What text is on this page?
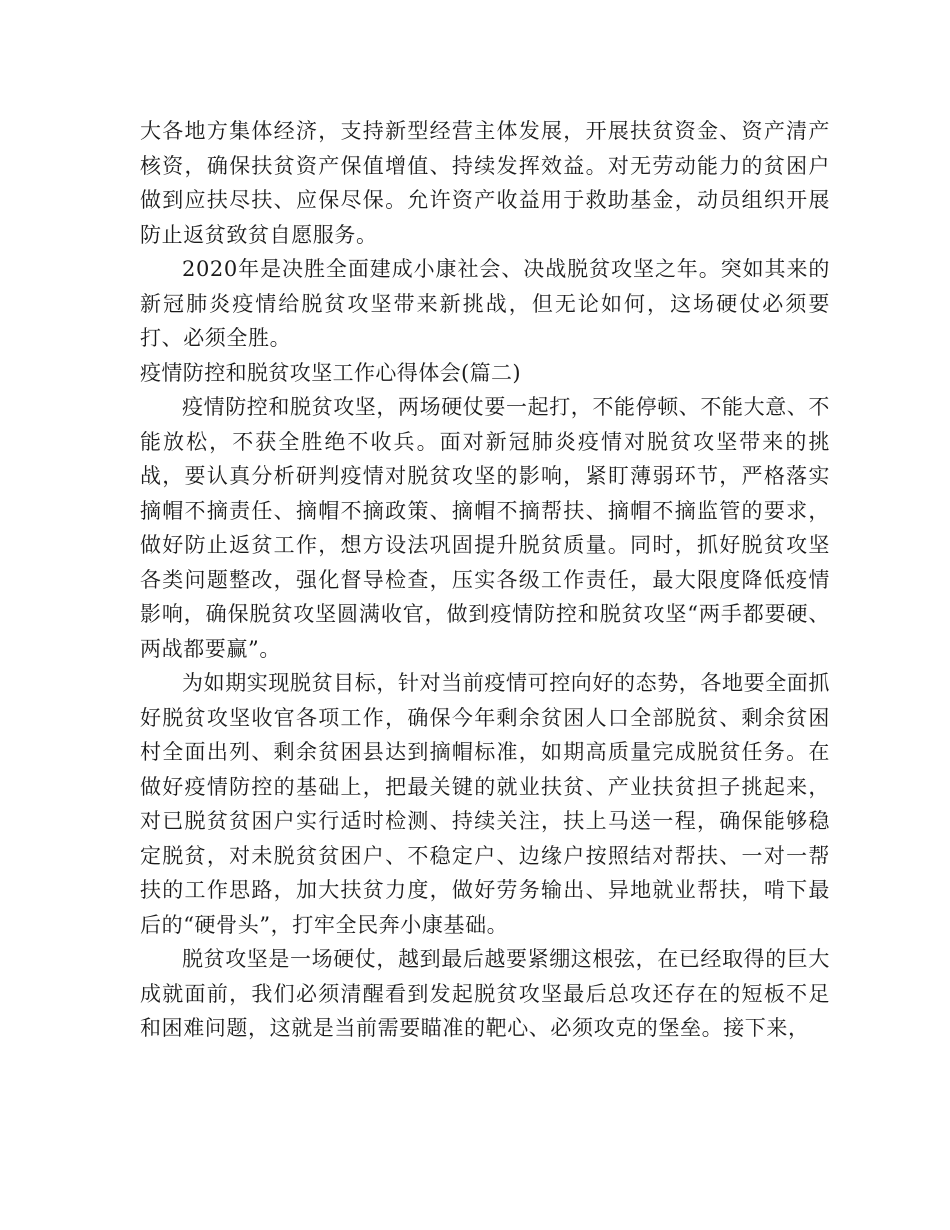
大各地方集体经济，支持新型经营主体发展，开展扶贫资金、资产清产核资，确保扶贫资产保值增值、持续发挥效益。对无劳动能力的贫困户做到应扶尽扶、应保尽保。允许资产收益用于救助基金，动员组织开展防止返贫致贫自愿服务。

2020年是决胜全面建成小康社会、决战脱贫攻坚之年。突如其来的新冠肺炎疫情给脱贫攻坚带来新挑战，但无论如何，这场硬仗必须要打、必须全胜。

疫情防控和脱贫攻坚工作心得体会(篇二)

疫情防控和脱贫攻坚，两场硬仗要一起打，不能停顿、不能大意、不能放松，不获全胜绝不收兵。面对新冠肺炎疫情对脱贫攻坚带来的挑战，要认真分析研判疫情对脱贫攻坚的影响，紧盯薄弱环节，严格落实摘帽不摘责任、摘帽不摘政策、摘帽不摘帮扶、摘帽不摘监管的要求，做好防止返贫工作，想方设法巩固提升脱贫质量。同时，抓好脱贫攻坚各类问题整改，强化督导检查，压实各级工作责任，最大限度降低疫情影响，确保脱贫攻坚圆满收官，做到疫情防控和脱贫攻坚“两手都要硬、两战都要赢”。

为如期实现脱贫目标，针对当前疫情可控向好的态势，各地要全面抓好脱贫攻坚收官各项工作，确保今年剩余贫困人口全部脱贫、剩余贫困村全面出列、剩余贫困县达到摘帽标准，如期高质量完成脱贫任务。在做好疫情防控的基础上，把最关键的就业扶贫、产业扶贫担子挑起来，对已脱贫贫困户实行适时检测、持续关注，扶上马送一程，确保能够稳定脱贫，对未脱贫贫困户、不稳定户、边缘户按照结对帮扶、一对一帮扶的工作思路，加大扶贫力度，做好劳务输出、异地就业帮扶，啃下最后的“硬骨头”，打牢全民奔小康基础。

脱贫攻坚是一场硬仗，越到最后越要紧绷这根弦，在已经取得的巨大成就面前，我们必须清醒看到发起脱贫攻坚最后总攻还存在的短板不足和困难问题，这就是当前需要瞄准的靶心、必须攻克的堡垒。接下来，
